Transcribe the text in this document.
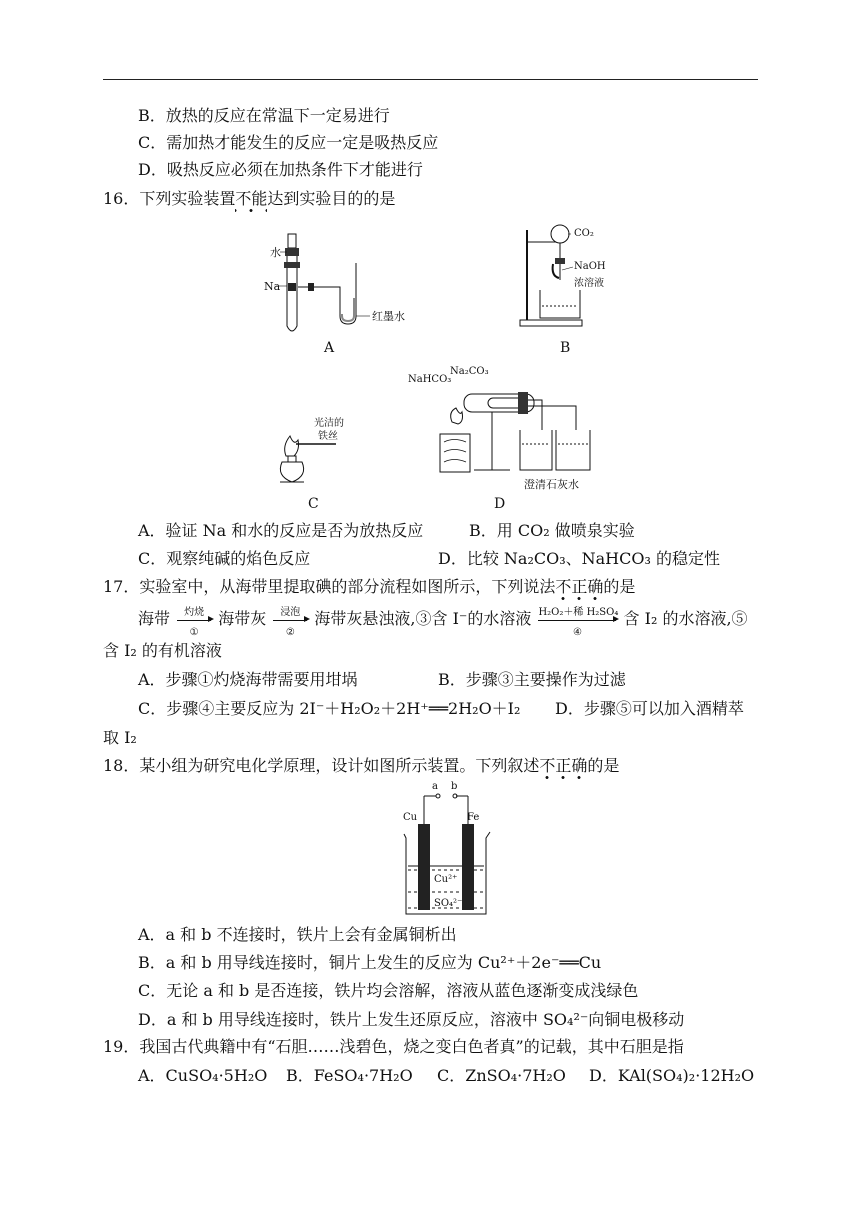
B．放热的反应在常温下一定易进行
C．需加热才能发生的反应一定是吸热反应
D．吸热反应必须在加热条件下才能进行
16．下列实验装置不能达到实验目的的是
水
Na
红墨水
A
CO₂
NaOH
浓溶液
B
光洁的
铁丝
C
NaHCO₃
Na₂CO₃
澄清石灰水
D
A．验证 Na 和水的反应是否为放热反应	B．用 CO₂ 做喷泉实验
C．观察纯碱的焰色反应	D．比较 Na₂CO₃、NaHCO₃ 的稳定性
17．实验室中，从海带里提取碘的部分流程如图所示，下列说法不正确的是
海带	灼烧
①
海带灰	浸泡
②
海带灰悬浊液,③含 I⁻的水溶液 H₂O₂＋稀 H₂SO₄
④
含 I₂ 的水溶液,⑤
含 I₂ 的有机溶液
A．步骤①灼烧海带需要用坩埚	B．步骤③主要操作为过滤
C．步骤④主要反应为 2I⁻＋H₂O₂＋2H⁺══2H₂O＋I₂ D．步骤⑤可以加入酒精萃
取 I₂
18．某小组为研究电化学原理，设计如图所示装置。下列叙述不正确的是
a b
Cu	Fe
Cu²⁺
SO₄²⁻
A．a 和 b 不连接时，铁片上会有金属铜析出
B．a 和 b 用导线连接时，铜片上发生的反应为 Cu²⁺＋2e⁻══Cu
C．无论 a 和 b 是否连接，铁片均会溶解，溶液从蓝色逐渐变成浅绿色
D．a 和 b 用导线连接时，铁片上发生还原反应，溶液中 SO₄²⁻向铜电极移动
19．我国古代典籍中有“石胆……浅碧色，烧之变白色者真”的记载，其中石胆是指
A．CuSO₄·5H₂O B．FeSO₄·7H₂O C．ZnSO₄·7H₂O D．KAl(SO₄)₂·12H₂O
